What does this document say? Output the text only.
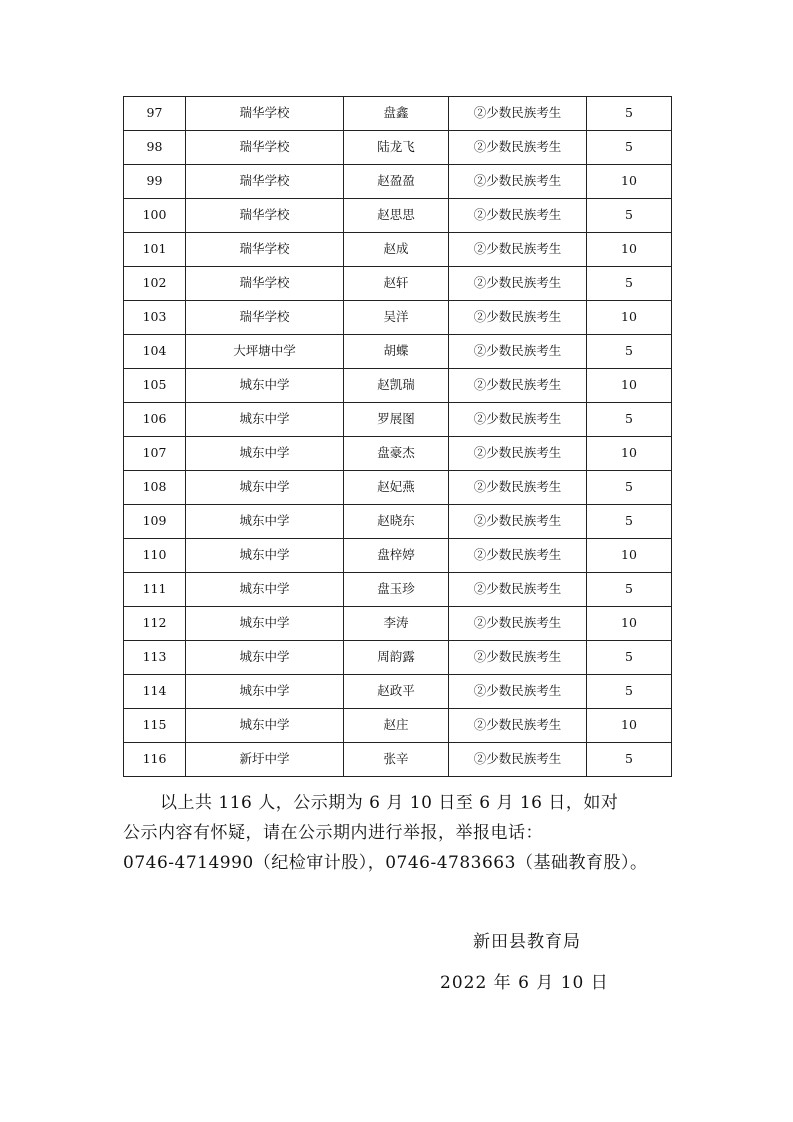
97	瑞华学校	盘鑫	②少数民族考生	5
98	瑞华学校	陆龙飞	②少数民族考生	5
99	瑞华学校	赵盈盈	②少数民族考生	10
100	瑞华学校	赵思思	②少数民族考生	5
101	瑞华学校	赵成	②少数民族考生	10
102	瑞华学校	赵轩	②少数民族考生	5
103	瑞华学校	吴洋	②少数民族考生	10
104	大坪塘中学	胡蝶	②少数民族考生	5
105	城东中学	赵凯瑞	②少数民族考生	10
106	城东中学	罗展图	②少数民族考生	5
107	城东中学	盘豪杰	②少数民族考生	10
108	城东中学	赵妃燕	②少数民族考生	5
109	城东中学	赵晓东	②少数民族考生	5
110	城东中学	盘梓婷	②少数民族考生	10
111	城东中学	盘玉珍	②少数民族考生	5
112	城东中学	李涛	②少数民族考生	10
113	城东中学	周韵露	②少数民族考生	5
114	城东中学	赵政平	②少数民族考生	5
115	城东中学	赵庄	②少数民族考生	10
116	新圩中学	张辛	②少数民族考生	5

以上共 116 人，公示期为 6 月 10 日至 6 月 16 日，如对

公示内容有怀疑，请在公示期内进行举报，举报电话：

0746-4714990（纪检审计股），0746-4783663（基础教育股）。

新田县教育局
2022 年 6 月 10 日
